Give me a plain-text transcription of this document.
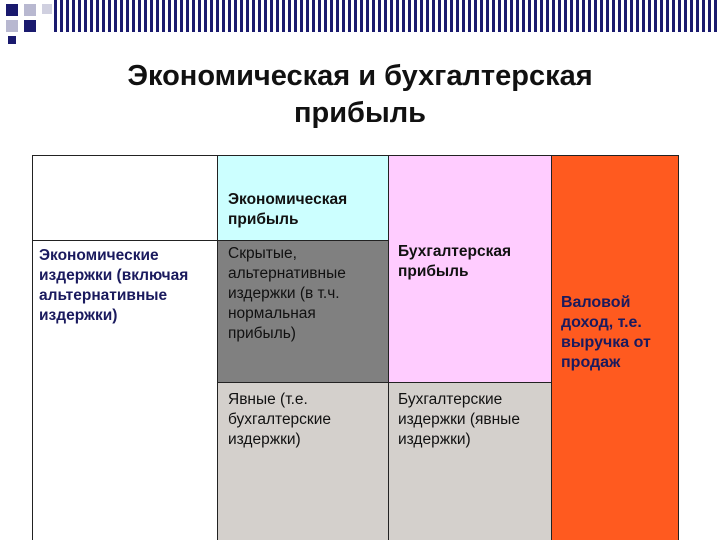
Экономическая и бухгалтерская
прибыль
Экономическая прибыль
Бухгалтерская прибыль
Валовой доход, т.е. выручка от продаж
Экономические издержки (включая альтернативные издержки)
Скрытые, альтернативные издержки (в т.ч. нормальная прибыль)
Явные (т.е. бухгалтерские издержки)
Бухгалтерские издержки (явные издержки)
